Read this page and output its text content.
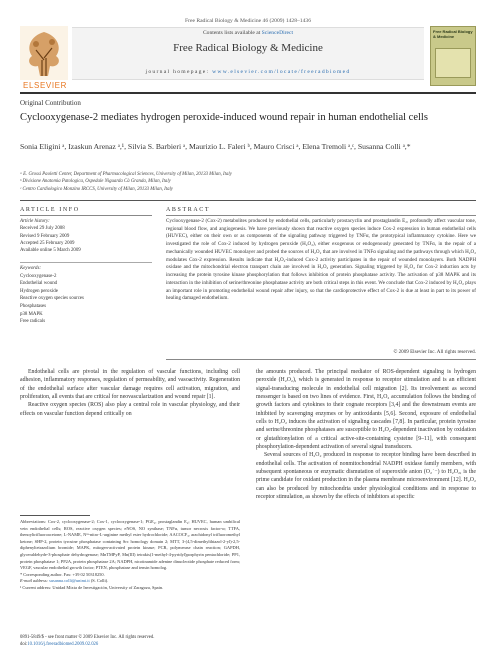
Free Radical Biology & Medicine 46 (2009) 1428–1436
Contents lists available at ScienceDirect
Free Radical Biology & Medicine
journal homepage: www.elsevier.com/locate/freeradbiomed
ELSEVIER
Free Radical Biology & Medicine
Original Contribution
Cyclooxygenase-2 mediates hydrogen peroxide-induced wound repair in human endothelial cells
Sonia Eligini ᵃ, Izaskun Arenaz ᵃ,¹, Silvia S. Barbieri ᵃ, Maurizio L. Faleri ᵇ, Mauro Crisci ᵃ, Elena Tremoli ᵃ,ᶜ, Susanna Colli ᵃ,*
ᵃ E. Grossi Paoletti Center, Department of Pharmacological Sciences, University of Milan, 20133 Milan, Italy
ᵇ Divisione Anatomia Patologica, Ospedale Niguarda Cà Granda, Milan, Italy
ᶜ Centro Cardiologico Monzino IRCCS, University of Milan, 20133 Milan, Italy
ARTICLE INFO	ABSTRACT
Article history:
Received 29 July 2008
Revised 9 February 2009
Accepted 25 February 2009
Available online 5 March 2009
Keywords:
Cyclooxygenase-2
Endothelial wound
Hydrogen peroxide
Reactive oxygen species sources
Phosphatases
p38 MAPK
Free radicals
Cyclooxygenase-2 (Cox-2) metabolites produced by endothelial cells, particularly prostacyclin and prostaglandin E₂, profoundly affect vascular tone, regional blood flow, and angiogenesis. We have previously shown that reactive oxygen species induce Cox-2 expression in human endothelial cells (HUVEC), either on their own or as components of the signaling pathway triggered by TNFα, the prototypical inflammatory cytokine. Here we investigated the role of Cox-2 induced by hydrogen peroxide (H₂O₂), either exogenous or endogenously generated by TNFα, in the repair of a mechanically wounded HUVEC monolayer and probed the sources of H₂O₂ that are involved in TNFα signaling and the pathways through which H₂O₂ modulates Cox-2 expression. Results indicate that H₂O₂-induced Cox-2 activity participates in the repair of wounded monolayers. Both NADPH oxidase and the mitochondrial electron transport chain are involved in H₂O₂ generation. Signaling triggered by H₂O₂ for Cox-2 induction acts by increasing the protein tyrosine kinase phosphorylation that follows inhibition of protein phosphatase activity. The activation of p38 MAPK and its interaction in the inhibition of serine/threonine phosphatase activity are both critical steps in this event. We conclude that Cox-2 induced by H₂O₂ plays an important role in promoting endothelial wound repair after injury, so that the cardioprotective effect of Cox-2 is due at least in part to its power of healing damaged endothelium.
© 2009 Elsevier Inc. All rights reserved.

Endothelial cells are pivotal in the regulation of vascular functions, including cell adhesion, inflammatory responses, regulation of permeability, and vasoactivity. Regeneration of the endothelial surface after vascular damage requires cell activation, migration, and proliferation, all events that are critical for neovascularization and wound repair [1].

Reactive oxygen species (ROS) also play a central role in vascular physiology, and their effects on vascular function depend critically on

the amounts produced. The principal mediator of ROS-dependent signaling is hydrogen peroxide (H₂O₂), which is generated in response to receptor stimulation and is an efficient signal-transducing molecule in endothelial cell migration [2]. Its involvement as second messenger is based on two lines of evidence. First, H₂O₂ accumulation follows the binding of growth factors and cytokines to their cognate receptors [3,4] and the downstream events are inhibited by scavenging enzymes or by antioxidants [5,6]. Second, exposure of endothelial cells to H₂O₂ induces the activation of signaling cascades [7,8]. In particular, protein tyrosine and serine/threonine phosphatases are susceptible to H₂O₂-dependent inactivation by oxidation or glutathionylation of a critical active-site-containing cysteine [9–11], with consequent phosphorylation-dependent activation of several signal transducers.

Several sources of H₂O₂ produced in response to receptor binding have been described in endothelial cells. The activation of nonmitochondrial NADPH oxidase family members, with subsequent spontaneous or enzymatic dismutation of superoxide anion (O₂˙⁻) to H₂O₂, is the prime candidate for oxidant production in the plasma membrane microenvironment [12]. H₂O₂ can also be produced by mitochondria under physiological conditions and in response to receptor stimulation, as shown by the effects of inhibitors at specific

Abbreviations: Cox-2, cyclooxygenase-2; Cox-1, cyclooxygenase-1; PGE₂, prostaglandin E₂; HUVEC, human umbilical vein endothelial cells; ROS, reactive oxygen species; eNOS, NO synthase; TNFα, tumor necrosis factor-α; TTFA, thenoyltrifluoroacetone; L-NAME, Nᵚ-nitro-L-arginine methyl ester hydrochloride; AACOCF₃, arachidonyl trifluoromethyl ketone; SHP-2, protein tyrosine phosphatase containing Src homology domain 2; MTT, 3-(4,5-dimethylthiazol-2-yl)-2,5-diphenyltetrazolium bromide; MAPK, mitogen-activated protein kinase; PCR, polymerase chain reaction; GAPDH, glyceraldehyde-3-phosphate dehydrogenase; MnTMPyP, Mn(III) tetrakis(1-methyl-4-pyridyl)porphyrin pentachloride; PP1, protein phosphatase 1; PP2A, protein phosphatase 2A; NADPH, nicotinamide adenine dinucleotide phosphate reduced form; VEGF, vascular endothelial growth factor; PTEN, phosphatase and tensin homolog.
* Corresponding author. Fax: +39 02 50318250.
E-mail address: susanna.colli@unimi.it (S. Colli).
¹ Current address: Unidad Mixta de Investigación, University of Zaragoza, Spain.
0891-5849/$ - see front matter © 2009 Elsevier Inc. All rights reserved.
doi:10.1016/j.freeradbiomed.2009.02.026
